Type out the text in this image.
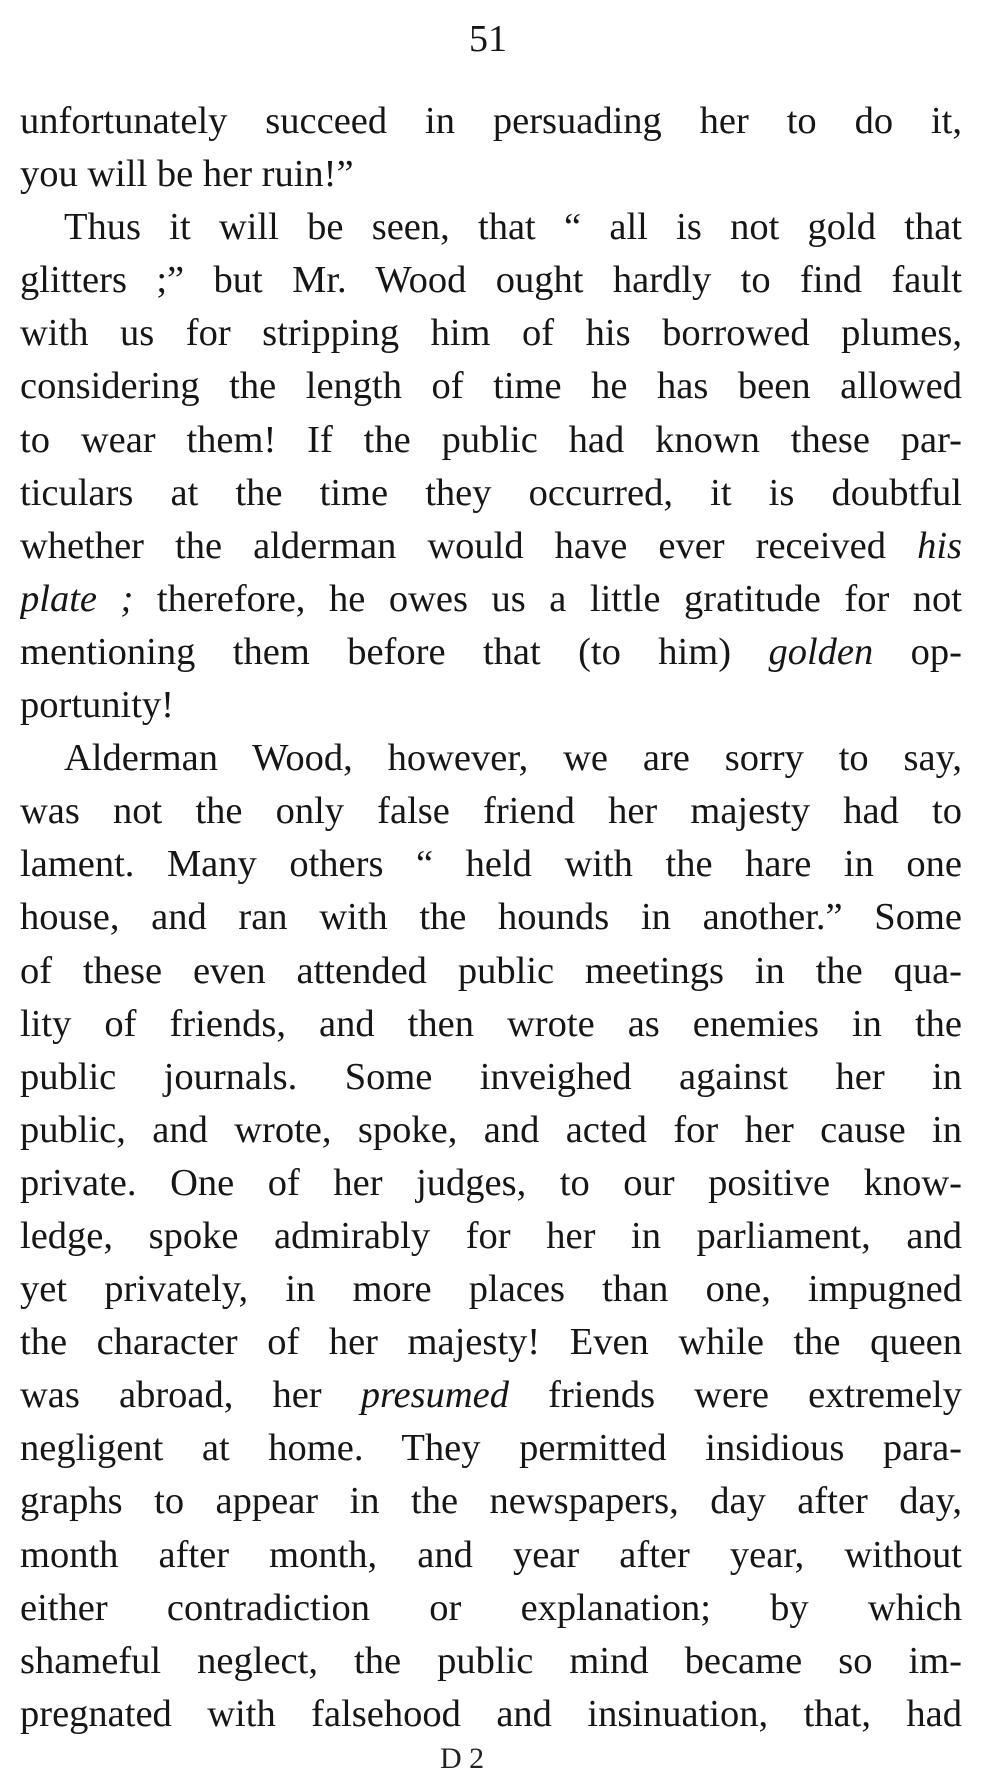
51
unfortunately succeed in persuading her to do it,
you will be her ruin!”
Thus it will be seen, that “ all is not gold that
glitters ;” but Mr. Wood ought hardly to find fault
with us for stripping him of his borrowed plumes,
considering the length of time he has been allowed
to wear them! If the public had known these par-
ticulars at the time they occurred, it is doubtful
whether the alderman would have ever received his
plate ; therefore, he owes us a little gratitude for not
mentioning them before that (to him) golden op-
portunity!
Alderman Wood, however, we are sorry to say,
was not the only false friend her majesty had to
lament. Many others “ held with the hare in one
house, and ran with the hounds in another.” Some
of these even attended public meetings in the qua-
lity of friends, and then wrote as enemies in the
public journals. Some inveighed against her in
public, and wrote, spoke, and acted for her cause in
private. One of her judges, to our positive know-
ledge, spoke admirably for her in parliament, and
yet privately, in more places than one, impugned
the character of her majesty! Even while the queen
was abroad, her presumed friends were extremely
negligent at home. They permitted insidious para-
graphs to appear in the newspapers, day after day,
month after month, and year after year, without
either contradiction or explanation; by which
shameful neglect, the public mind became so im-
pregnated with falsehood and insinuation, that, had
D 2
